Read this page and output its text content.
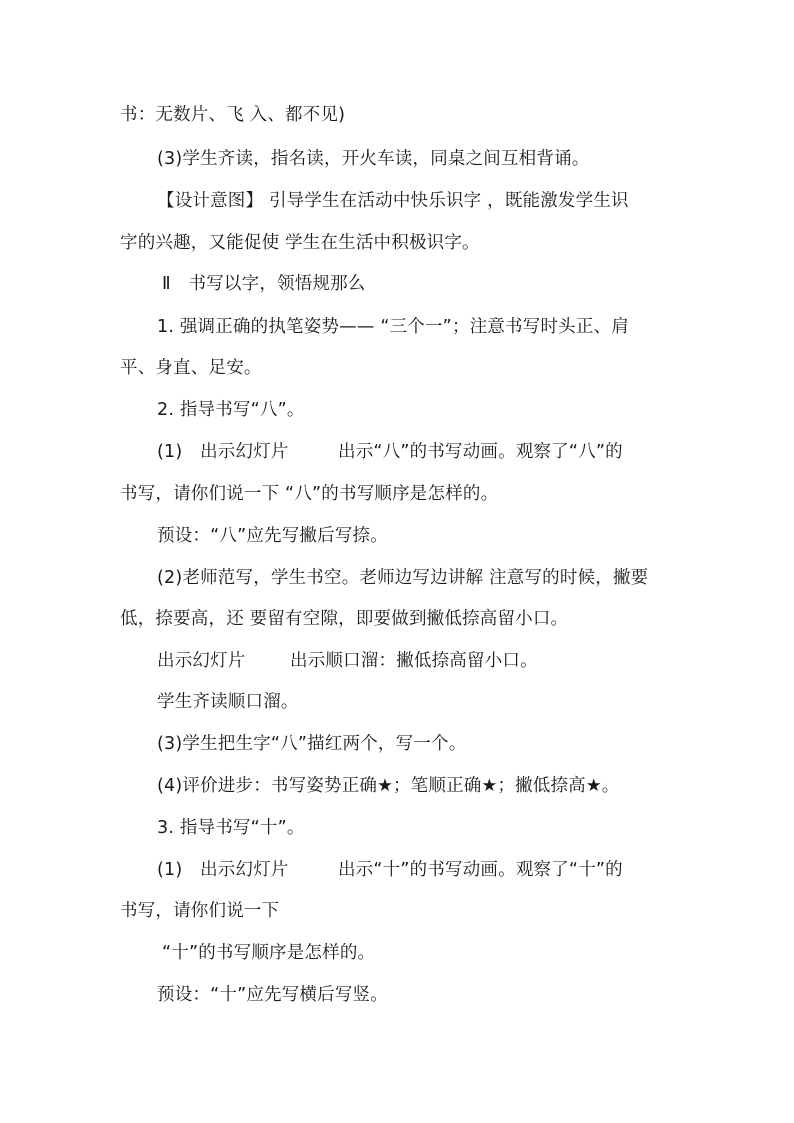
书：无数片、飞 入、都不见)
(3)学生齐读，指名读，开火车读，同桌之间互相背诵。
【设计意图】 引导学生在活动中快乐识字 ，既能激发学生识
字的兴趣，又能促使 学生在生活中积极识字。
Ⅱ　书写以字，领悟规那么
1. 强调正确的执笔姿势—— “三个一”；注意书写时头正、肩
平、身直、足安。
2. 指导书写“八”。
(1)　出示幻灯片	出示“八”的书写动画。观察了“八”的
书写，请你们说一下 “八”的书写顺序是怎样的。
预设：“八”应先写撇后写捺。
(2)老师范写，学生书空。老师边写边讲解 注意写的时候，撇要
低，捺要高，还 要留有空隙，即要做到撇低捺高留小口。
出示幻灯片	出示顺口溜：撇低捺高留小口。
学生齐读顺口溜。
(3)学生把生字“八”描红两个，写一个。
(4)评价进步：书写姿势正确★；笔顺正确★；撇低捺高★。
3. 指导书写“十”。
(1)　出示幻灯片	出示“十”的书写动画。观察了“十”的
书写，请你们说一下
“十”的书写顺序是怎样的。
预设：“十”应先写横后写竖。
